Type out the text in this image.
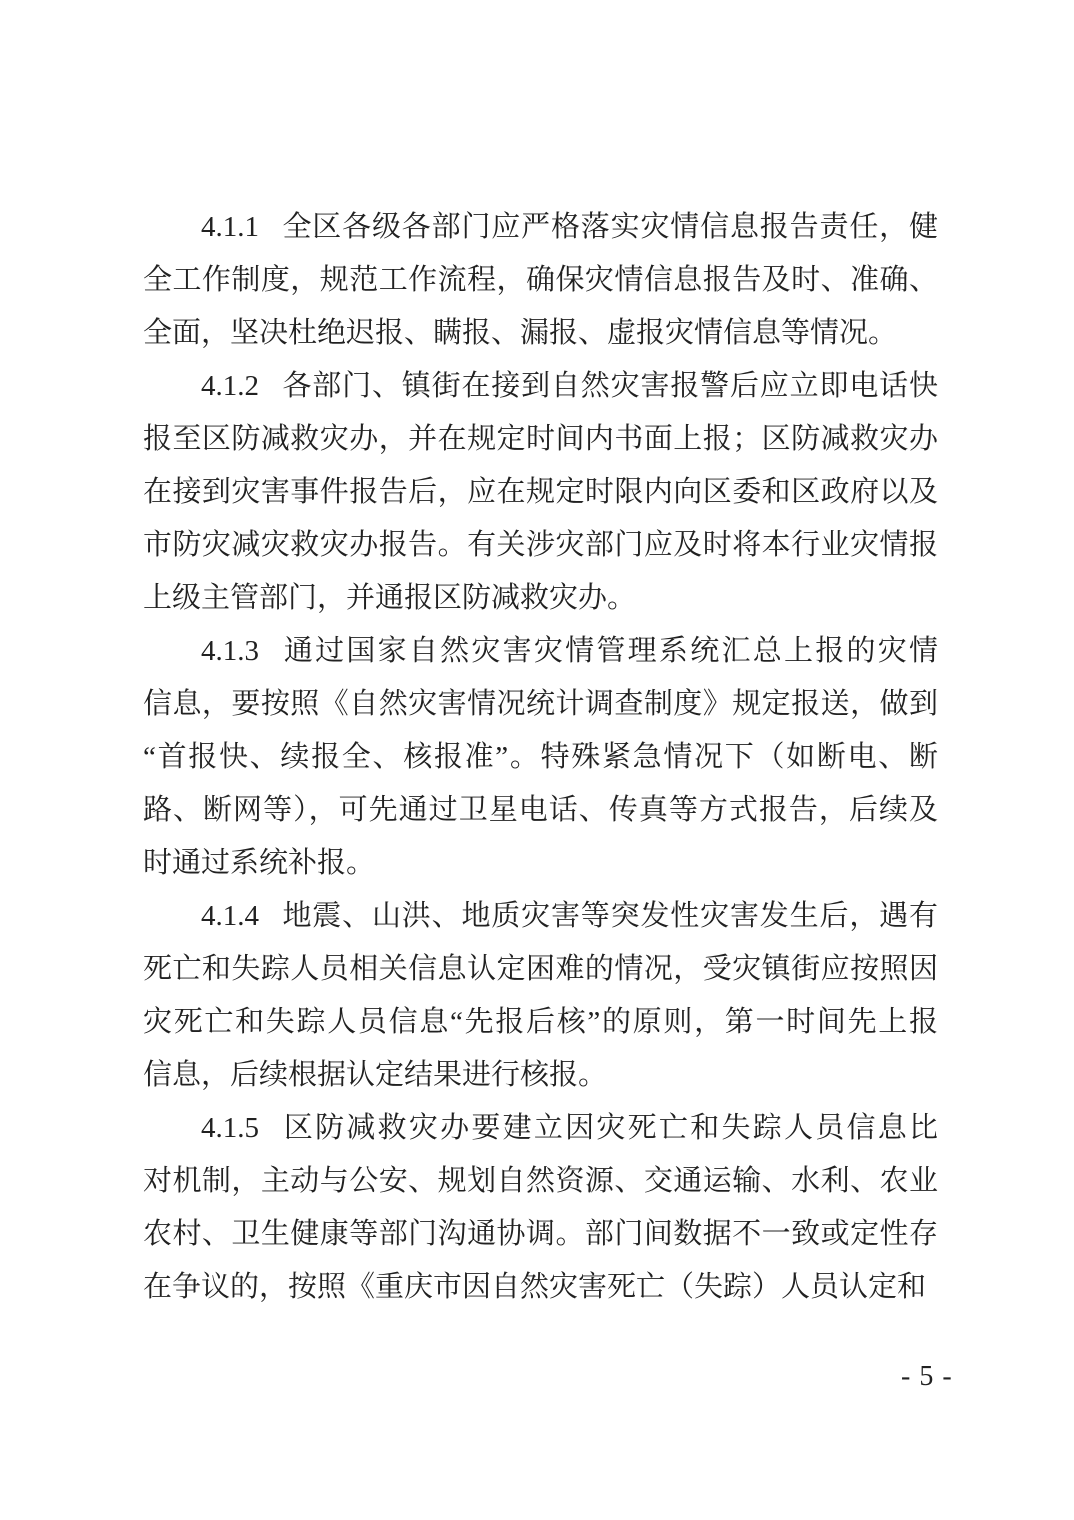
4.1.1 全区各级各部门应严格落实灾情信息报告责任，健
全工作制度，规范工作流程，确保灾情信息报告及时、准确、
全面，坚决杜绝迟报、瞒报、漏报、虚报灾情信息等情况。
4.1.2 各部门、镇街在接到自然灾害报警后应立即电话快
报至区防减救灾办，并在规定时间内书面上报；区防减救灾办
在接到灾害事件报告后，应在规定时限内向区委和区政府以及
市防灾减灾救灾办报告。有关涉灾部门应及时将本行业灾情报
上级主管部门，并通报区防减救灾办。
4.1.3 通过国家自然灾害灾情管理系统汇总上报的灾情
信息，要按照《自然灾害情况统计调查制度》规定报送，做到
“首报快、续报全、核报准”。特殊紧急情况下（如断电、断
路、断网等），可先通过卫星电话、传真等方式报告，后续及
时通过系统补报。
4.1.4 地震、山洪、地质灾害等突发性灾害发生后，遇有
死亡和失踪人员相关信息认定困难的情况，受灾镇街应按照因
灾死亡和失踪人员信息“先报后核”的原则，第一时间先上报
信息，后续根据认定结果进行核报。
4.1.5 区防减救灾办要建立因灾死亡和失踪人员信息比
对机制，主动与公安、规划自然资源、交通运输、水利、农业
农村、卫生健康等部门沟通协调。部门间数据不一致或定性存
在争议的，按照《重庆市因自然灾害死亡（失踪）人员认定和
- 5 -
